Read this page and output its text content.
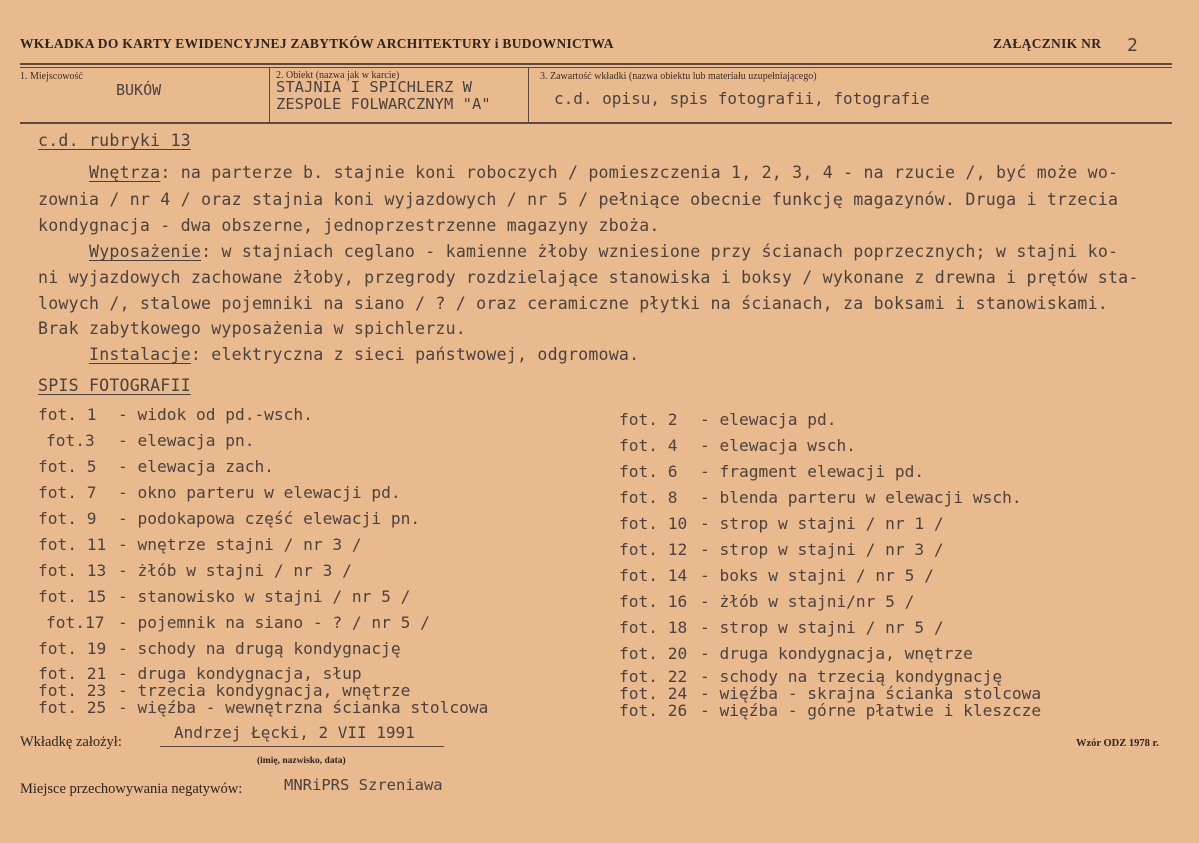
WKŁADKA DO KARTY EWIDENCYJNEJ ZABYTKÓW ARCHITEKTURY i BUDOWNICTWA	ZAŁĄCZNIK NR 2
1. Miejscowość
BUKÓW
2. Obiekt (nazwa jak w karcie)
STAJNIA I SPICHLERZ W
ZESPOLE FOLWARCZNYM "A"
3. Zawartość wkładki (nazwa obiektu lub materiału uzupełniającego)
c.d. opisu, spis fotografii, fotografie
c.d. rubryki 13
Wnętrza: na parterze b. stajnie koni roboczych / pomieszczenia 1, 2, 3, 4 - na rzucie /, być może wo-
zownia / nr 4 / oraz stajnia koni wyjazdowych / nr 5 / pełniące obecnie funkcję magazynów. Druga i trzecia
kondygnacja - dwa obszerne, jednoprzestrzenne magazyny zboża.
Wyposażenie: w stajniach ceglano - kamienne żłoby wzniesione przy ścianach poprzecznych; w stajni ko-
ni wyjazdowych zachowane żłoby, przegrody rozdzielające stanowiska i boksy / wykonane z drewna i prętów sta-
lowych /, stalowe pojemniki na siano / ? / oraz ceramiczne płytki na ścianach, za boksami i stanowiskami.
Brak zabytkowego wyposażenia w spichlerzu.
Instalacje: elektryczna z sieci państwowej, odgromowa.
SPIS FOTOGRAFII
fot. 1 - widok od pd.-wsch.
fot.3 - elewacja pn.
fot. 5 - elewacja zach.
fot. 7 - okno parteru w elewacji pd.
fot. 9 - podokapowa część elewacji pn.
fot. 11 - wnętrze stajni / nr 3 /
fot. 13 - żłób w stajni / nr 3 /
fot. 15 - stanowisko w stajni / nr 5 /
fot.17 - pojemnik na siano - ? / nr 5 /
fot. 19 - schody na drugą kondygnację
fot. 21 - druga kondygnacja, słup
fot. 23 - trzecia kondygnacja, wnętrze
fot. 25 - więźba - wewnętrzna ścianka stolcowa
fot. 2 - elewacja pd.
fot. 4 - elewacja wsch.
fot. 6 - fragment elewacji pd.
fot. 8 - blenda parteru w elewacji wsch.
fot. 10 - strop w stajni / nr 1 /
fot. 12 - strop w stajni / nr 3 /
fot. 14 - boks w stajni / nr 5 /
fot. 16 - żłób w stajni/nr 5 /
fot. 18 - strop w stajni / nr 5 /
fot. 20 - druga kondygnacja, wnętrze
fot. 22 - schody na trzecią kondygnację
fot. 24 - więźba - skrajna ścianka stolcowa
fot. 26 - więźba - górne płatwie i kleszcze
Wkładkę założył:	Andrzej Łęcki, 2 VII 1991
(imię, nazwisko, data)
Wzór ODZ 1978 r.
Miejsce przechowywania negatywów:	MNRiPRS Szreniawa
